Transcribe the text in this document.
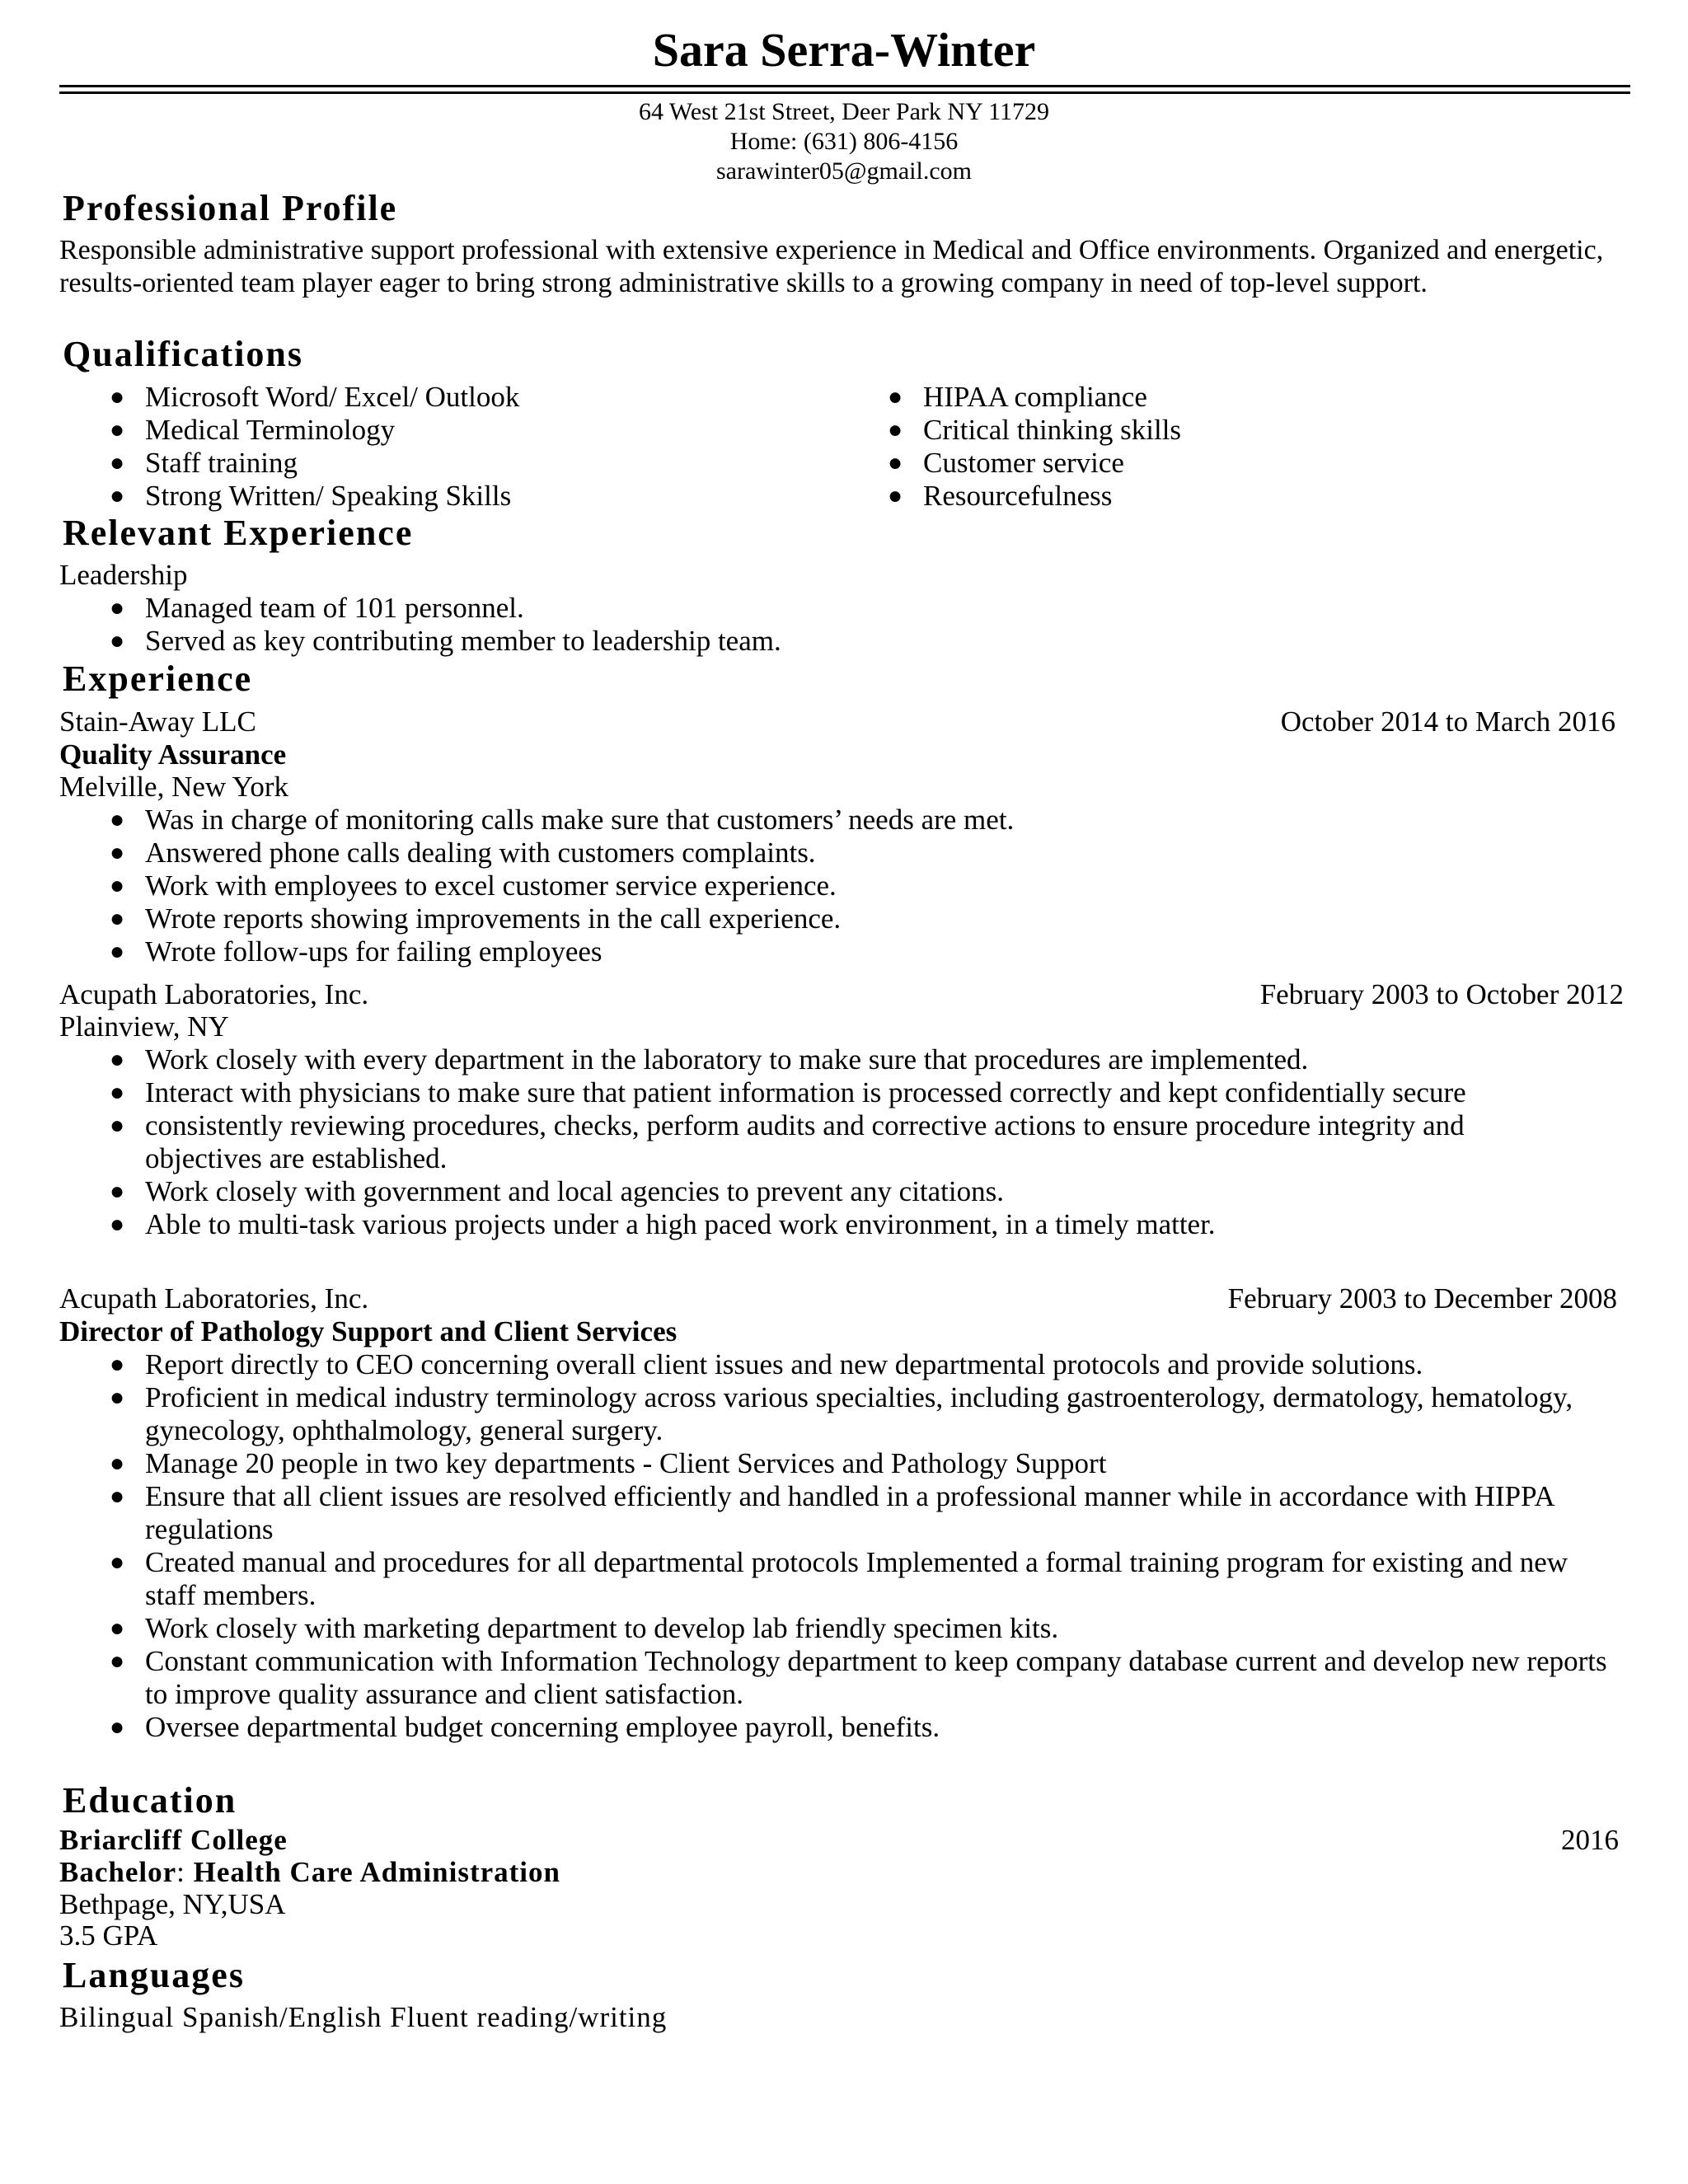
Sara Serra-Winter
64 West 21st Street, Deer Park NY 11729
Home: (631) 806-4156
sarawinter05@gmail.com
Professional Profile
Responsible administrative support professional with extensive experience in Medical and Office environments. Organized and energetic, results-oriented team player eager to bring strong administrative skills to a growing company in need of top-level support.
Qualifications
● Microsoft Word/ Excel/ Outlook
● Medical Terminology
● Staff training
● Strong Written/ Speaking Skills
● HIPAA compliance
● Critical thinking skills
● Customer service
● Resourcefulness
Relevant Experience
Leadership
● Managed team of 101 personnel.
● Served as key contributing member to leadership team.
Experience
Stain-Away LLC	October 2014 to March 2016
Quality Assurance
Melville, New York
● Was in charge of monitoring calls make sure that customers’ needs are met.
● Answered phone calls dealing with customers complaints.
● Work with employees to excel customer service experience.
● Wrote reports showing improvements in the call experience.
● Wrote follow-ups for failing employees
Acupath Laboratories, Inc.	February 2003 to October 2012
Plainview, NY
● Work closely with every department in the laboratory to make sure that procedures are implemented.
● Interact with physicians to make sure that patient information is processed correctly and kept confidentially secure
● consistently reviewing procedures, checks, perform audits and corrective actions to ensure procedure integrity and objectives are established.
● Work closely with government and local agencies to prevent any citations.
● Able to multi-task various projects under a high paced work environment, in a timely matter.
Acupath Laboratories, Inc.	February 2003 to December 2008
Director of Pathology Support and Client Services
● Report directly to CEO concerning overall client issues and new departmental protocols and provide solutions.
● Proficient in medical industry terminology across various specialties, including gastroenterology, dermatology, hematology, gynecology, ophthalmology, general surgery.
● Manage 20 people in two key departments - Client Services and Pathology Support
● Ensure that all client issues are resolved efficiently and handled in a professional manner while in accordance with HIPPA regulations
● Created manual and procedures for all departmental protocols Implemented a formal training program for existing and new staff members.
● Work closely with marketing department to develop lab friendly specimen kits.
● Constant communication with Information Technology department to keep company database current and develop new reports to improve quality assurance and client satisfaction.
● Oversee departmental budget concerning employee payroll, benefits.
Education
Briarcliff College	2016
Bachelor: Health Care Administration
Bethpage, NY,USA
3.5 GPA
Languages
Bilingual Spanish/English Fluent reading/writing
